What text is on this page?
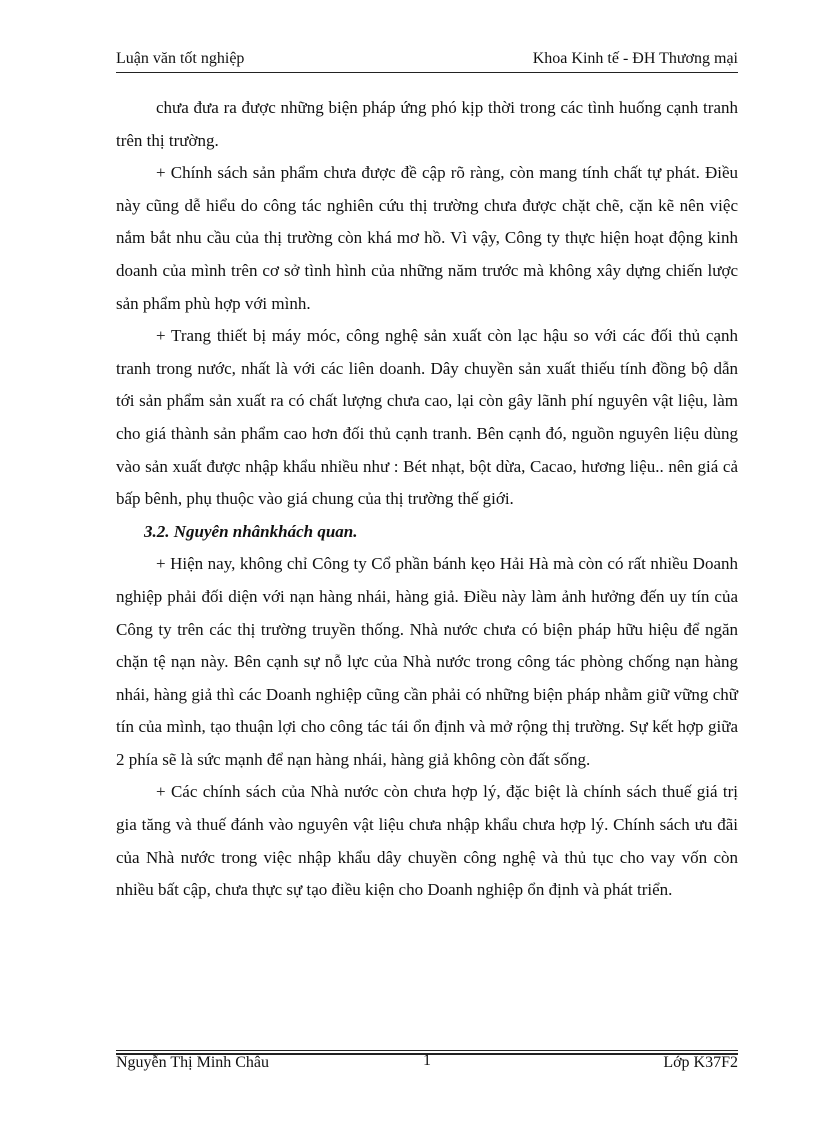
Luận văn tốt nghiệp	Khoa Kinh tế - ĐH Thương mại

chưa đưa ra được những biện pháp ứng phó kịp thời trong các tình huống cạnh tranh trên thị trường.

+ Chính sách sản phẩm chưa được đề cập rõ ràng, còn mang tính chất tự phát. Điều này cũng dễ hiểu do công tác nghiên cứu thị trường chưa được chặt chẽ, cặn kẽ nên việc nắm bắt nhu cầu của thị trường còn khá mơ hồ. Vì vậy, Công ty thực hiện hoạt động kinh doanh của mình trên cơ sở tình hình của những năm trước mà không xây dựng chiến lược sản phẩm phù hợp với mình.

+ Trang thiết bị máy móc, công nghệ sản xuất còn lạc hậu so với các đối thủ cạnh tranh trong nước, nhất là với các liên doanh. Dây chuyền sản xuất thiếu tính đồng bộ dẫn tới sản phẩm sản xuất ra có chất lượng chưa cao, lại còn gây lãnh phí nguyên vật liệu, làm cho giá thành sản phẩm cao hơn đối thủ cạnh tranh. Bên cạnh đó, nguồn nguyên liệu dùng vào sản xuất được nhập khẩu nhiều như : Bét nhạt, bột dừa, Cacao, hương liệu.. nên giá cả bấp bênh, phụ thuộc vào giá chung của thị trường thế giới.

3.2. Nguyên nhânkhách quan.

+ Hiện nay, không chỉ Công ty Cổ phần bánh kẹo Hải Hà mà còn có rất nhiều Doanh nghiệp phải đối diện với nạn hàng nhái, hàng giả. Điều này làm ảnh hưởng đến uy tín của Công ty trên các thị trường truyền thống. Nhà nước chưa có biện pháp hữu hiệu để ngăn chặn tệ nạn này. Bên cạnh sự nỗ lực của Nhà nước trong công tác phòng chống nạn hàng nhái, hàng giả thì các Doanh nghiệp cũng cần phải có những biện pháp nhằm giữ vững chữ tín của mình, tạo thuận lợi cho công tác tái ổn định và mở rộng thị trường. Sự kết hợp giữa 2 phía sẽ là sức mạnh để nạn hàng nhái, hàng giả không còn đất sống.

+ Các chính sách của Nhà nước còn chưa hợp lý, đặc biệt là chính sách thuế giá trị gia tăng và thuế đánh vào nguyên vật liệu chưa nhập khẩu chưa hợp lý. Chính sách ưu đãi của Nhà nước trong việc nhập khẩu dây chuyền công nghệ và thủ tục cho vay vốn còn nhiều bất cập, chưa thực sự tạo điều kiện cho Doanh nghiệp ổn định và phát triển.

Nguyễn Thị Minh Châu	1	Lớp K37F2
